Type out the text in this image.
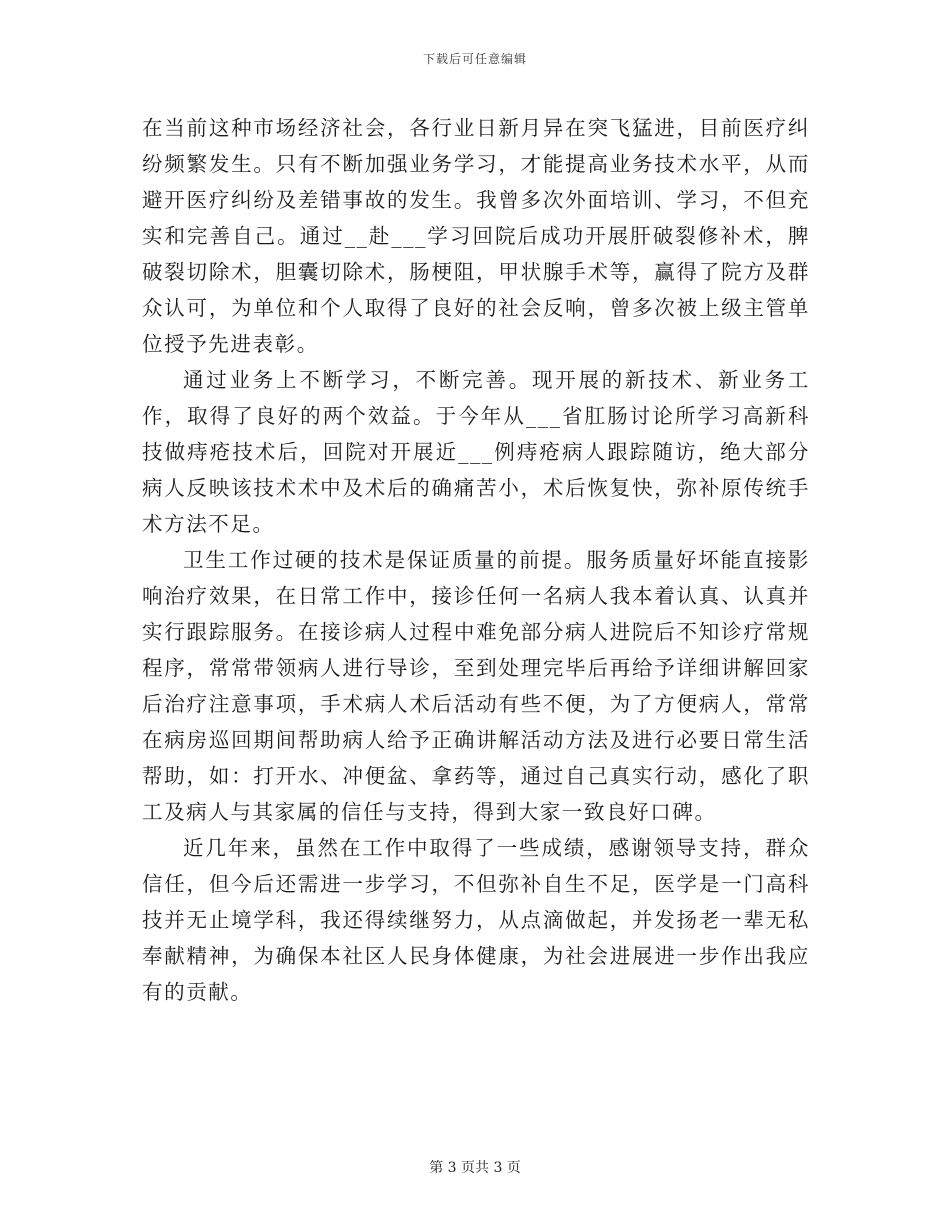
下载后可任意编辑

在当前这种市场经济社会，各行业日新月异在突飞猛进，目前医疗纠纷频繁发生。只有不断加强业务学习，才能提高业务技术水平，从而避开医疗纠纷及差错事故的发生。我曾多次外面培训、学习，不但充实和完善自己。通过__赴___学习回院后成功开展肝破裂修补术，脾破裂切除术，胆囊切除术，肠梗阻，甲状腺手术等，赢得了院方及群众认可，为单位和个人取得了良好的社会反响，曾多次被上级主管单位授予先进表彰。

通过业务上不断学习，不断完善。现开展的新技术、新业务工作，取得了良好的两个效益。于今年从___省肛肠讨论所学习高新科技做痔疮技术后，回院对开展近___例痔疮病人跟踪随访，绝大部分病人反映该技术术中及术后的确痛苦小，术后恢复快，弥补原传统手术方法不足。

卫生工作过硬的技术是保证质量的前提。服务质量好坏能直接影响治疗效果，在日常工作中，接诊任何一名病人我本着认真、认真并实行跟踪服务。在接诊病人过程中难免部分病人进院后不知诊疗常规程序，常常带领病人进行导诊，至到处理完毕后再给予详细讲解回家后治疗注意事项，手术病人术后活动有些不便，为了方便病人，常常在病房巡回期间帮助病人给予正确讲解活动方法及进行必要日常生活帮助，如：打开水、冲便盆、拿药等，通过自己真实行动，感化了职工及病人与其家属的信任与支持，得到大家一致良好口碑。

近几年来，虽然在工作中取得了一些成绩，感谢领导支持，群众信任，但今后还需进一步学习，不但弥补自生不足，医学是一门高科技并无止境学科，我还得续继努力，从点滴做起，并发扬老一辈无私奉献精神，为确保本社区人民身体健康，为社会进展进一步作出我应有的贡献。

第 3 页共 3 页
